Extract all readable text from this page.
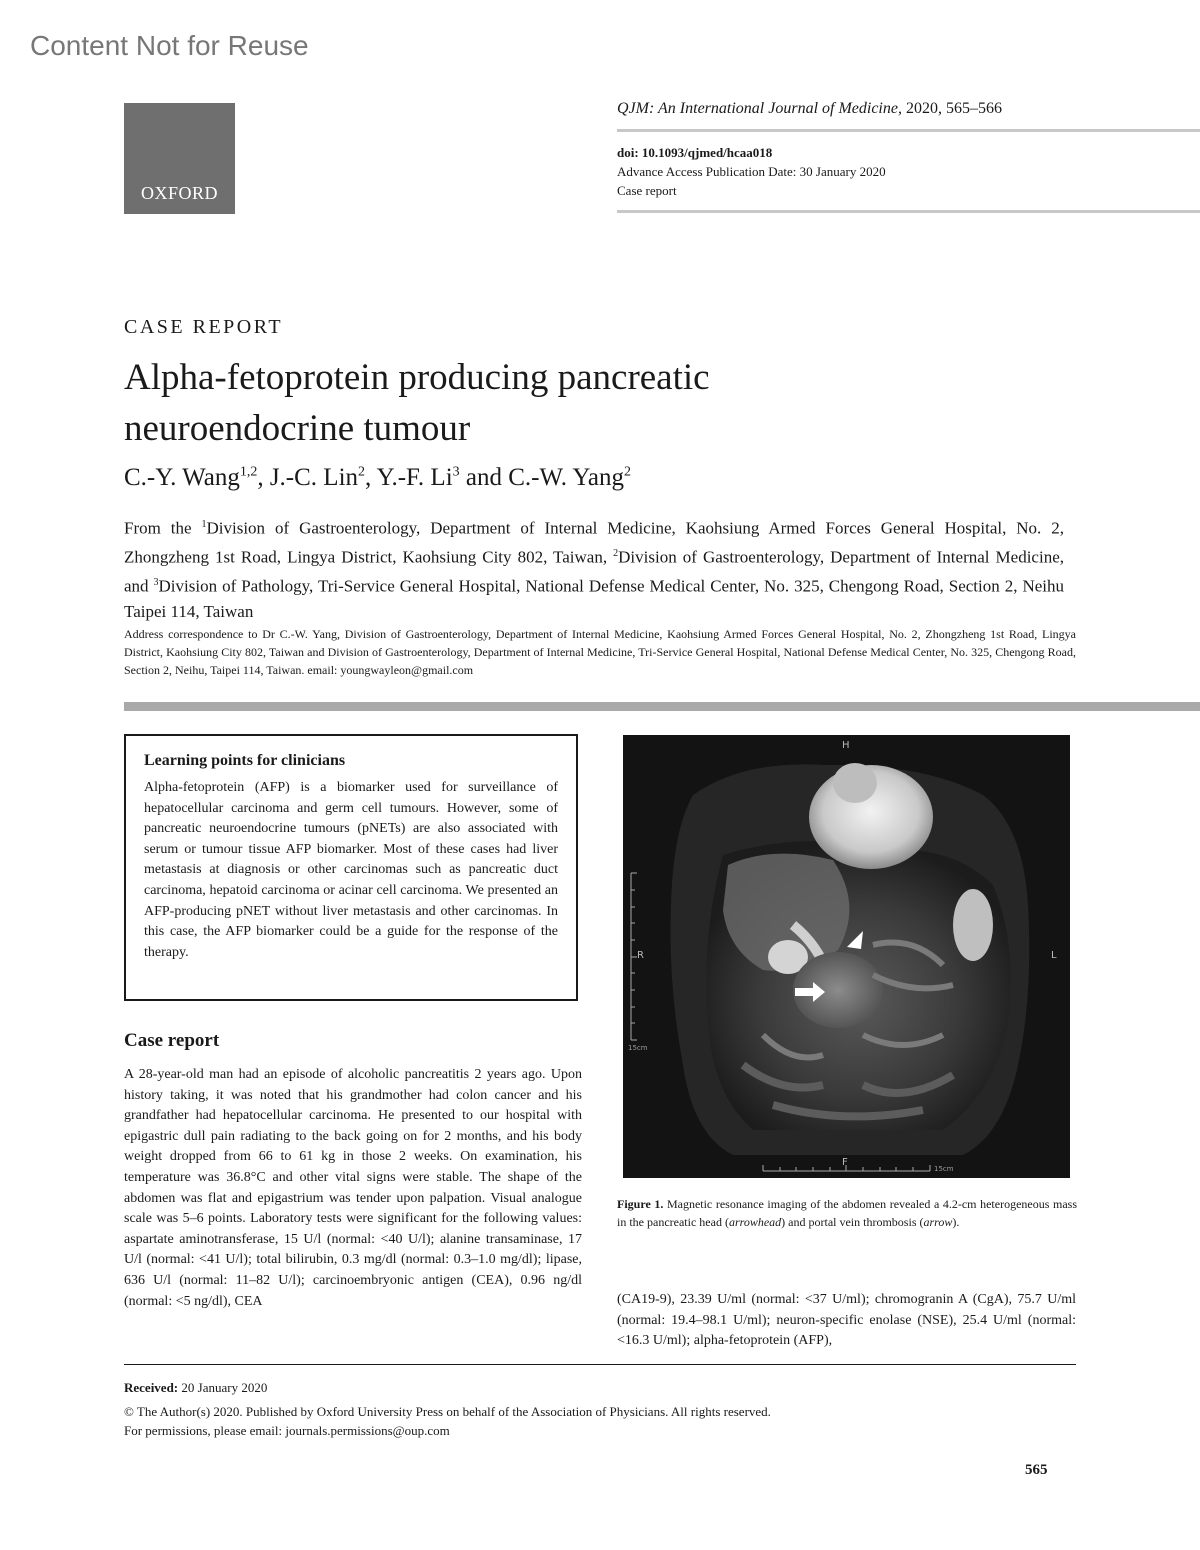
Content Not for Reuse
OXFORD
QJM: An International Journal of Medicine, 2020, 565–566
doi: 10.1093/qjmed/hcaa018
Advance Access Publication Date: 30 January 2020
Case report
CASE REPORT
Alpha-fetoprotein producing pancreatic neuroendocrine tumour
C.-Y. Wang$^{1,2}$, J.-C. Lin$^2$, Y.-F. Li$^3$ and C.-W. Yang$^2$
From the $^1$Division of Gastroenterology, Department of Internal Medicine, Kaohsiung Armed Forces General Hospital, No. 2, Zhongzheng 1st Road, Lingya District, Kaohsiung City 802, Taiwan, $^2$Division of Gastroenterology, Department of Internal Medicine, and $^3$Division of Pathology, Tri-Service General Hospital, National Defense Medical Center, No. 325, Chengong Road, Section 2, Neihu Taipei 114, Taiwan
Address correspondence to Dr C.-W. Yang, Division of Gastroenterology, Department of Internal Medicine, Kaohsiung Armed Forces General Hospital, No. 2, Zhongzheng 1st Road, Lingya District, Kaohsiung City 802, Taiwan and Division of Gastroenterology, Department of Internal Medicine, Tri-Service General Hospital, National Defense Medical Center, No. 325, Chengong Road, Section 2, Neihu, Taipei 114, Taiwan. email: youngwayleon@gmail.com
Learning points for clinicians
Alpha-fetoprotein (AFP) is a biomarker used for surveillance of hepatocellular carcinoma and germ cell tumours. However, some of pancreatic neuroendocrine tumours (pNETs) are also associated with serum or tumour tissue AFP biomarker. Most of these cases had liver metastasis at diagnosis or other carcinomas such as pancreatic duct carcinoma, hepatoid carcinoma or acinar cell carcinoma. We presented an AFP-producing pNET without liver metastasis and other carcinomas. In this case, the AFP biomarker could be a guide for the response of the therapy.
Case report
A 28-year-old man had an episode of alcoholic pancreatitis 2 years ago. Upon history taking, it was noted that his grandmother had colon cancer and his grandfather had hepatocellular carcinoma. He presented to our hospital with epigastric dull pain radiating to the back going on for 2 months, and his body weight dropped from 66 to 61 kg in those 2 weeks. On examination, his temperature was 36.8°C and other vital signs were stable. The shape of the abdomen was flat and epigastrium was tender upon palpation. Visual analogue scale was 5–6 points. Laboratory tests were significant for the following values: aspartate aminotransferase, 15 U/l (normal: <40 U/l); alanine transaminase, 17 U/l (normal: <41 U/l); total bilirubin, 0.3 mg/dl (normal: 0.3–1.0 mg/dl); lipase, 636 U/l (normal: 11–82 U/l); carcinoembryonic antigen (CEA), 0.96 ng/dl (normal: <5 ng/dl), CEA
H
R	L
F
15cm
15cm
Figure 1. Magnetic resonance imaging of the abdomen revealed a 4.2-cm heterogeneous mass in the pancreatic head (arrowhead) and portal vein thrombosis (arrow).
(CA19-9), 23.39 U/ml (normal: <37 U/ml); chromogranin A (CgA), 75.7 U/ml (normal: 19.4–98.1 U/ml); neuron-specific enolase (NSE), 25.4 U/ml (normal: <16.3 U/ml); alpha-fetoprotein (AFP),
Received: 20 January 2020
© The Author(s) 2020. Published by Oxford University Press on behalf of the Association of Physicians. All rights reserved.
For permissions, please email: journals.permissions@oup.com
565
